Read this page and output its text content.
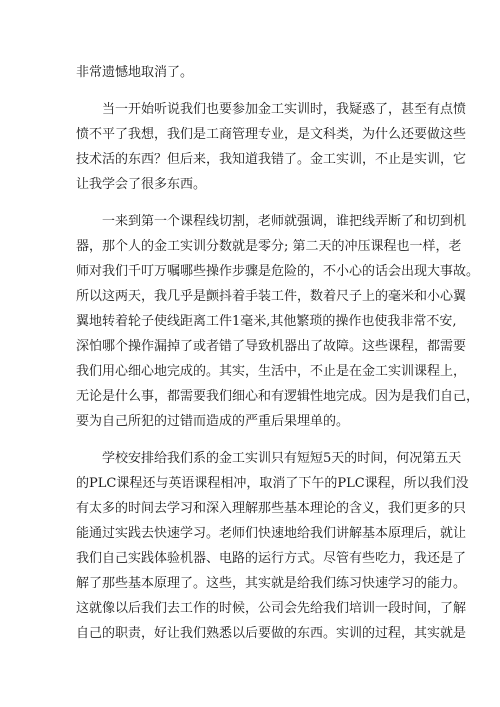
非常遗憾地取消了。
当一开始听说我们也要参加金工实训时，我疑惑了，甚至有点愤
愤不平了我想，我们是工商管理专业，是文科类，为什么还要做这些
技术活的东西？但后来，我知道我错了。金工实训，不止是实训，它
让我学会了很多东西。
一来到第一个课程线切割，老师就强调，谁把线弄断了和切到机
器，那个人的金工实训分数就是零分; 第二天的冲压课程也一样，老
师对我们千叮万嘱哪些操作步骤是危险的，不小心的话会出现大事故。
所以这两天，我几乎是颤抖着手装工件，数着尺子上的毫米和小心翼
翼地转着轮子使线距离工件1毫米,其他繁琐的操作也使我非常不安,
深怕哪个操作漏掉了或者错了导致机器出了故障。这些课程，都需要
我们用心细心地完成的。其实，生活中，不止是在金工实训课程上，
无论是什么事，都需要我们细心和有逻辑性地完成。因为是我们自己，
要为自己所犯的过错而造成的严重后果埋单的。
学校安排给我们系的金工实训只有短短5天的时间，何况第五天
的PLC课程还与英语课程相冲，取消了下午的PLC课程，所以我们没
有太多的时间去学习和深入理解那些基本理论的含义，我们更多的只
能通过实践去快速学习。老师们快速地给我们讲解基本原理后，就让
我们自己实践体验机器、电路的运行方式。尽管有些吃力，我还是了
解了那些基本原理了。这些，其实就是给我们练习快速学习的能力。
这就像以后我们去工作的时候，公司会先给我们培训一段时间，了解
自己的职责，好让我们熟悉以后要做的东西。实训的过程，其实就是
